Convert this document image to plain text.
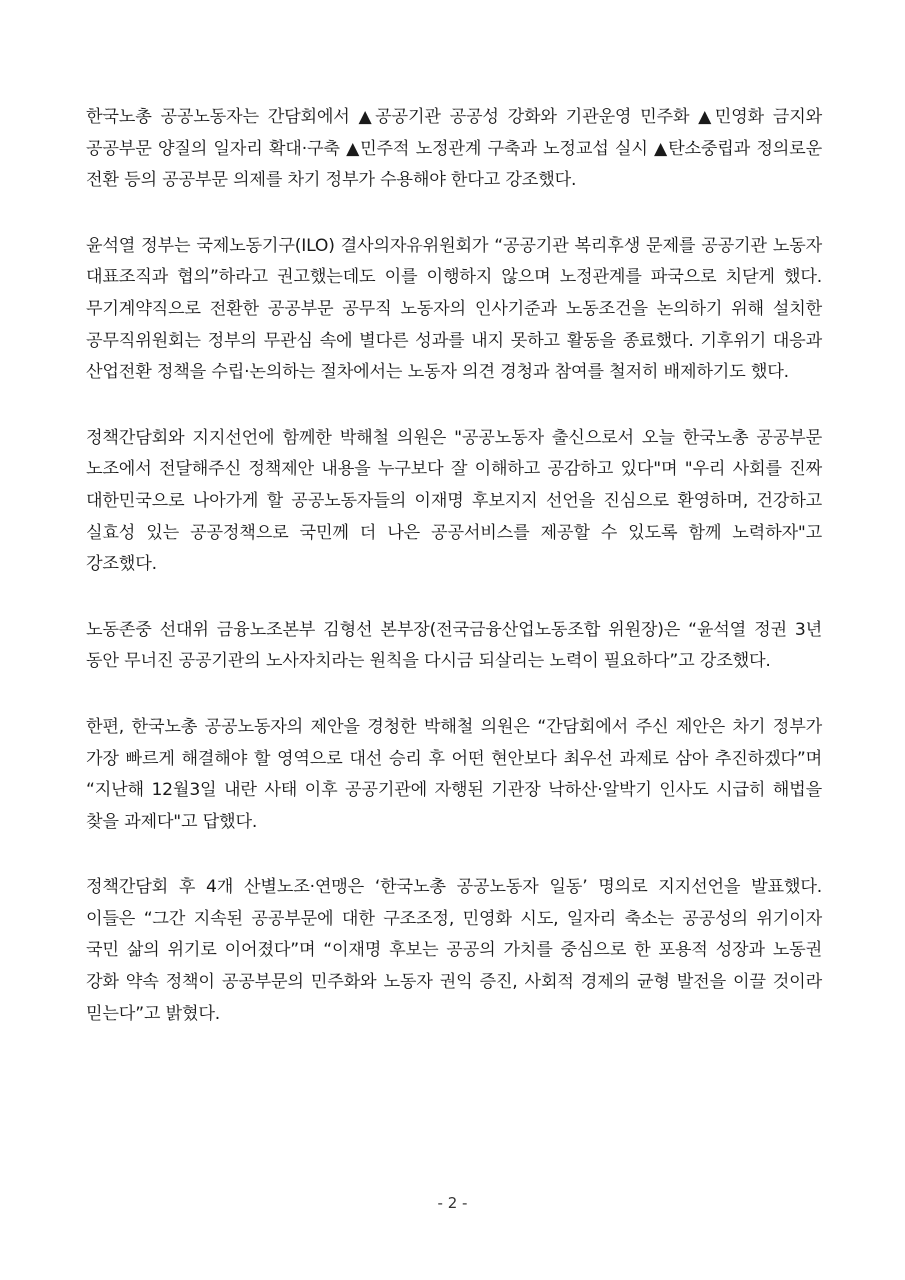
한국노총 공공노동자는 간담회에서 ▲공공기관 공공성 강화와 기관운영 민주화 ▲민영화 금지와 공공부문 양질의 일자리 확대·구축 ▲민주적 노정관계 구축과 노정교섭 실시 ▲탄소중립과 정의로운 전환 등의 공공부문 의제를 차기 정부가 수용해야 한다고 강조했다.

윤석열 정부는 국제노동기구(ILO) 결사의자유위원회가 “공공기관 복리후생 문제를 공공기관 노동자 대표조직과 협의”하라고 권고했는데도 이를 이행하지 않으며 노정관계를 파국으로 치닫게 했다. 무기계약직으로 전환한 공공부문 공무직 노동자의 인사기준과 노동조건을 논의하기 위해 설치한 공무직위원회는 정부의 무관심 속에 별다른 성과를 내지 못하고 활동을 종료했다. 기후위기 대응과 산업전환 정책을 수립·논의하는 절차에서는 노동자 의견 경청과 참여를 철저히 배제하기도 했다.

정책간담회와 지지선언에 함께한 박해철 의원은 "공공노동자 출신으로서 오늘 한국노총 공공부문 노조에서 전달해주신 정책제안 내용을 누구보다 잘 이해하고 공감하고 있다"며 "우리 사회를 진짜 대한민국으로 나아가게 할 공공노동자들의 이재명 후보지지 선언을 진심으로 환영하며, 건강하고 실효성 있는 공공정책으로 국민께 더 나은 공공서비스를 제공할 수 있도록 함께 노력하자"고 강조했다.

노동존중 선대위 금융노조본부 김형선 본부장(전국금융산업노동조합 위원장)은 “윤석열 정권 3년 동안 무너진 공공기관의 노사자치라는 원칙을 다시금 되살리는 노력이 필요하다”고 강조했다.

한편, 한국노총 공공노동자의 제안을 경청한 박해철 의원은 “간담회에서 주신 제안은 차기 정부가 가장 빠르게 해결해야 할 영역으로 대선 승리 후 어떤 현안보다 최우선 과제로 삼아 추진하겠다”며 “지난해 12월3일 내란 사태 이후 공공기관에 자행된 기관장 낙하산·알박기 인사도 시급히 해법을 찾을 과제다"고 답했다.

정책간담회 후 4개 산별노조·연맹은 ‘한국노총 공공노동자 일동’ 명의로 지지선언을 발표했다. 이들은 “그간 지속된 공공부문에 대한 구조조정, 민영화 시도, 일자리 축소는 공공성의 위기이자 국민 삶의 위기로 이어졌다”며 “이재명 후보는 공공의 가치를 중심으로 한 포용적 성장과 노동권 강화 약속 정책이 공공부문의 민주화와 노동자 권익 증진, 사회적 경제의 균형 발전을 이끌 것이라 믿는다”고 밝혔다.

- 2 -
